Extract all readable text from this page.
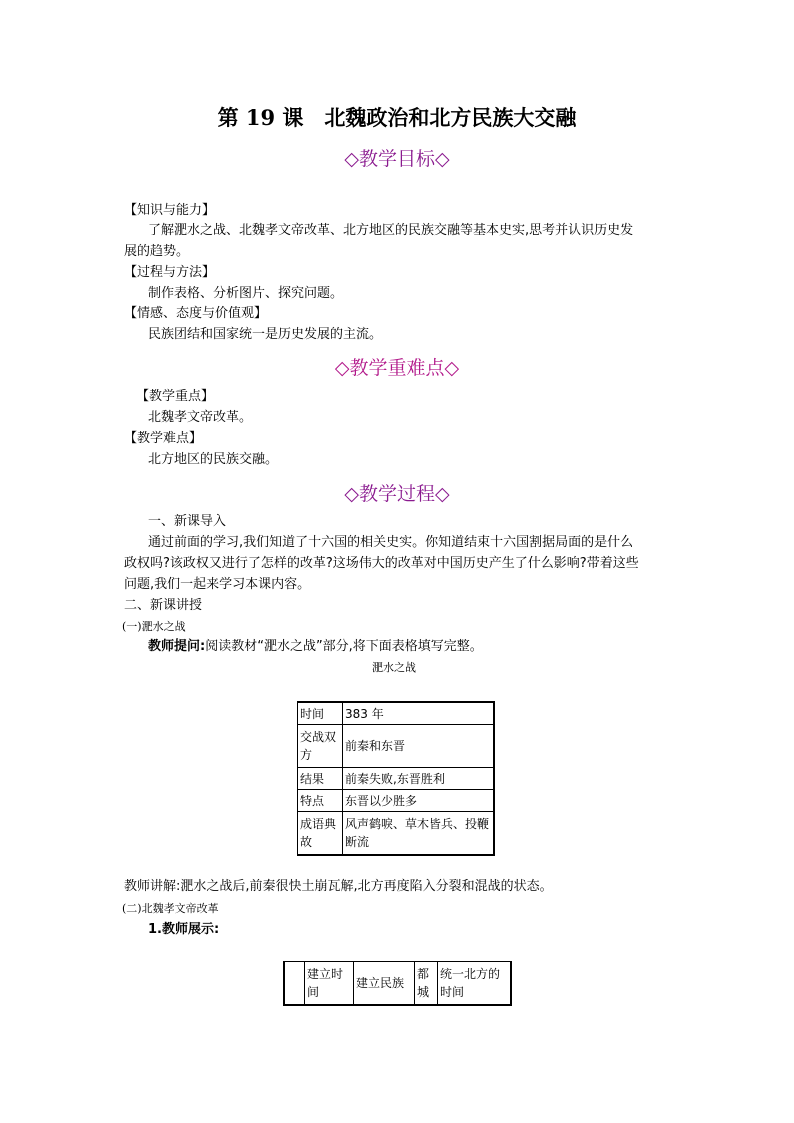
第 19 课　北魏政治和北方民族大交融
◇教学目标◇
【知识与能力】
了解淝水之战、北魏孝文帝改革、北方地区的民族交融等基本史实,思考并认识历史发
展的趋势。
【过程与方法】
制作表格、分析图片、探究问题。
【情感、态度与价值观】
民族团结和国家统一是历史发展的主流。
◇教学重难点◇
【教学重点】
北魏孝文帝改革。
【教学难点】
北方地区的民族交融。
◇教学过程◇
一、新课导入
通过前面的学习,我们知道了十六国的相关史实。你知道结束十六国割据局面的是什么
政权吗?该政权又进行了怎样的改革?这场伟大的改革对中国历史产生了什么影响?带着这些
问题,我们一起来学习本课内容。
二、新课讲授
(一)淝水之战
教师提问:阅读教材“淝水之战”部分,将下面表格填写完整。
淝水之战
时间	383 年
交战双方	前秦和东晋
结果	前秦失败,东晋胜利
特点	东晋以少胜多
成语典故	风声鹤唳、草木皆兵、投鞭断流
教师讲解:淝水之战后,前秦很快土崩瓦解,北方再度陷入分裂和混战的状态。
(二)北魏孝文帝改革
1.教师展示:
	建立时间	建立民族	都城	统一北方的时间
